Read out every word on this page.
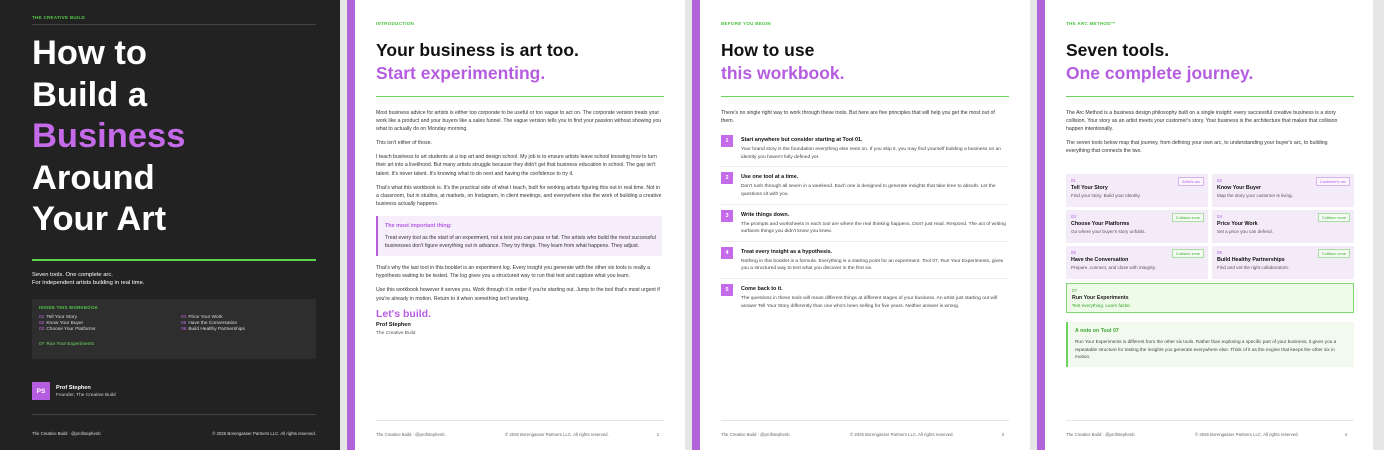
THE CREATIVE BUILD
How to
Build a
Business
Around
Your Art
Seven tools. One complete arc.
For independent artists building in real time.
INSIDE THIS WORKBOOK
01 Tell Your Story
02 Know Your Buyer
03 Choose Your Platforms
04 Price Your Work
05 Have the Conversation
06 Build Healthy Partnerships
07 Run Your Experiments
PS	Prof Stephen
Founder, The Creative Build
The Creative Build · @profstephenb	© 2026 Borengasser Partners LLC. All rights reserved.
INTRODUCTION
Your business is art too.
Start experimenting.

Most business advice for artists is either too corporate to be useful or too vague to act on. The corporate version treats your work like a product and your buyers like a sales funnel. The vague version tells you to find your passion without showing you what to actually do on Monday morning.

This isn't either of those.

I teach business to art students at a top art and design school. My job is to ensure artists leave school knowing how to turn their art into a livelihood. But many artists struggle because they didn't get that business education in school. The gap isn't talent. It's never talent. It's knowing what to do next and having the confidence to try it.

That's what this workbook is. It's the practical side of what I teach, built for working artists figuring this out in real time. Not in a classroom, but in studios, at markets, on Instagram, in client meetings, and everywhere else the work of building a creative business actually happens.

The most important thing:
Treat every tool as the start of an experiment, not a test you can pass or fail. The artists who build the most successful businesses don't figure everything out in advance. They try things. They learn from what happens. They adjust.

That's why the last tool in this booklet is an experiment log. Every insight you generate with the other six tools is really a hypothesis waiting to be tested. The log gives you a structured way to run that test and capture what you learn.

Use this workbook however it serves you. Work through it in order if you're starting out. Jump to the tool that's most urgent if you're already in motion. Return to it when something isn't working.

Let's build.
Prof Stephen
The Creative Build
The Creative Build · @profstephenb	© 2026 Borengasser Partners LLC. All rights reserved.	2
BEFORE YOU BEGIN
How to use
this workbook.

There's no single right way to work through these tools. But here are five principles that will help you get the most out of them.

1	Start anywhere but consider starting at Tool 01.
Your brand story is the foundation everything else rests on. If you skip it, you may find yourself building a business on an identity you haven't fully defined yet.
2	Use one tool at a time.
Don't rush through all seven in a weekend. Each one is designed to generate insights that take time to absorb. Let the questions sit with you.
3	Write things down.
The prompts and worksheets in each tool are where the real thinking happens. Don't just read. Respond. The act of writing surfaces things you didn't know you knew.
4	Treat every insight as a hypothesis.
Nothing in this booklet is a formula. Everything is a starting point for an experiment. Tool 07, Run Your Experiments, gives you a structured way to test what you discover in the first six.
5	Come back to it.
The questions in these tools will mean different things at different stages of your business. An artist just starting out will answer Tell Your Story differently than one who's been selling for five years. Neither answer is wrong.
The Creative Build · @profstephenb	© 2026 Borengasser Partners LLC. All rights reserved.	3
THE ARC METHOD™
Seven tools.
One complete journey.

The Arc Method is a business design philosophy built on a single insight: every successful creative business is a story collision. Your story as an artist meets your customer's story. Your business is the architecture that makes that collision happen intentionally.

The seven tools below map that journey, from defining your own arc, to understanding your buyer's arc, to building everything that connects the two.

01	Artist's arc
Tell Your Story
Find your story. Build your identity.
02	Customer's arc
Know Your Buyer
Map the story your customer is living.
03	Collision zone
Choose Your Platforms
Go where your buyer's story unfolds.
04	Collision zone
Price Your Work
Set a price you can defend.
05	Collision zone
Have the Conversation
Prepare, connect, and close with integrity.
06	Collision zone
Build Healthy Partnerships
Find and vet the right collaborators.
07
Run Your Experiments
Test everything. Learn faster.
A note on Tool 07
Run Your Experiments is different from the other six tools. Rather than exploring a specific part of your business, it gives you a repeatable structure for testing the insights you generate everywhere else. Think of it as the engine that keeps the other six in motion.
The Creative Build · @profstephenb	© 2026 Borengasser Partners LLC. All rights reserved.	4
